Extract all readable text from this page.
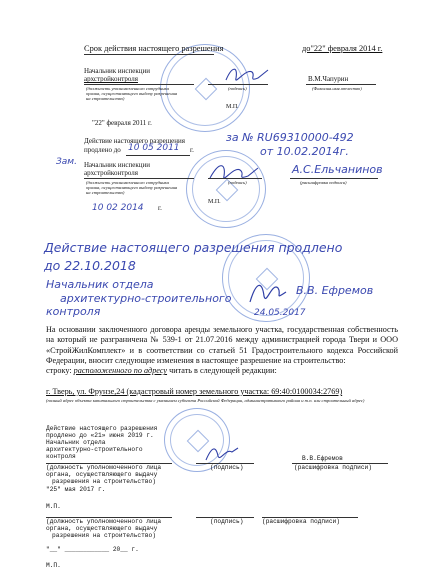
Срок действия настоящего разрешения	до"22" февраля 2014 г.
Начальник инспекции
архстройконтроля
(должность уполномоченного сотрудника органа, осуществляющего выдачу разрешения на строительство)
(подпись)
В.М.Чапурин
(Фамилия.имя.отчество)
М.П.
"22" февраля 2011 г.
Действие настоящего разрешения
продлено до 10 05 2011 г.
за № RU69310000-492
от 10.02.2014г.
Зам. Начальник инспекции
архстройконтроля
(должность уполномоченного сотрудника органа, осуществляющего выдачу разрешения на строительство)
(подпись)
А.С.Ельчанинов
(расшифровка подписи)
10 02 2014 г.
М.П.
Действие настоящего разрешения продлено
до 22.10.2018
Начальник отдела
архитектурно-строительного
контроля
В.В. Ефремов
24.05.2017

На основании заключенного договора аренды земельного участка, государственная собственность на который не разграничена № 539-1 от 21.07.2016 между администрацией города Твери и ООО «СтройЖилКомплект» и в соответствии со статьей 51 Градостроительного кодекса Российской Федерации, вносит следующие изменения в настоящее разрешение на строительство:

строку: расположенного по адресу читать в следующей редакции:

г. Тверь, ул. Фрунзе,24 (кадастровый номер земельного участка: 69:40:0100034:2769)
(полный адрес объекта капитального строительства с указанием субъекта Российской Федерации, административного района и т.п. или строительный адрес)
Действие настоящего разрешения
продлено до «21» июня 2019 г.
Начальник отдела
архитектурно-строительного
контроля	В.В.Ефремов
(должность уполномоченного лица	(подпись)	(расшифровка подписи)
органа, осуществляющего выдачу
разрешения на строительство)
"25" мая 2017 г.
М.П.
(должность уполномоченного лица	(подпись)	(расшифровка подписи)
органа, осуществляющего выдачу
разрешения на строительство)
"__" ____________ 20__ г.
М.П.
